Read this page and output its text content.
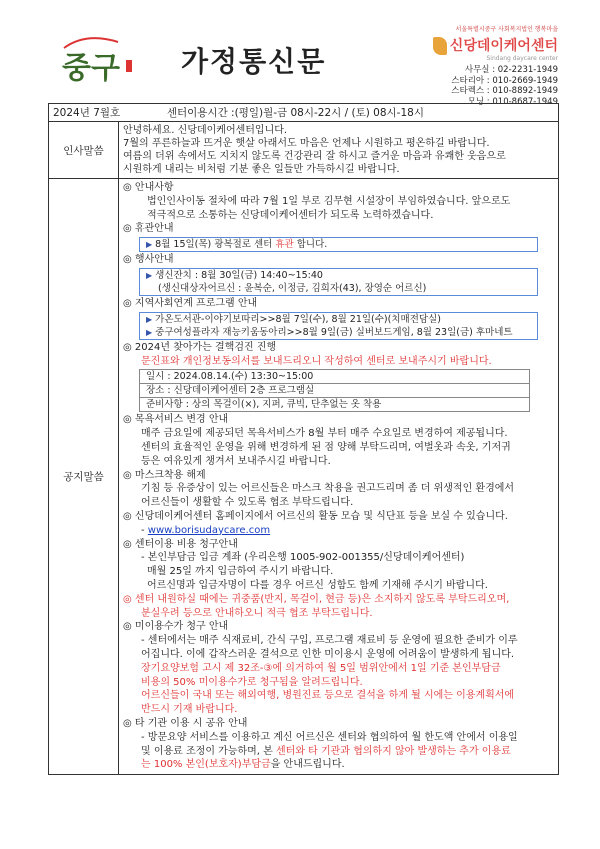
중구 가정통신문
서울특별시중구 사회복지법인 행복마을
신당데이케어센터
Sindang daycare center
사무실 : 02-2231-1949
스타리아 : 010-2669-1949
스타렉스 : 010-8892-1949
모닝 : 010-8687-1949
2024년 7월호	센터이용시간 :(평일)월-금 08시-22시 / (토) 08시-18시
인사말씀	
안녕하세요. 신당데이케어센터입니다.
7월의 푸른하늘과 뜨거운 햇살 아래서도 마음은 언제나 시원하고 평온하길 바랍니다.
여름의 더위 속에서도 지치지 않도록 건강관리 잘 하시고 즐거운 마음과 유쾌한 웃음으로
시원하게 내리는 비처럼 기분 좋은 일들만 가득하시길 바랍니다.

공지말씀	
◎ 안내사항
법인인사이동 절차에 따라 7월 1일 부로 김무현 시설장이 부임하였습니다. 앞으로도
적극적으로 소통하는 신당데이케어센터가 되도록 노력하겠습니다.
◎ 휴관안내
▶ 8월 15일(목) 광복절로 센터 휴관 합니다.
◎ 행사안내
▶ 생신잔치 : 8월 30일(금) 14:40~15:40
(생신대상자어르신 : 윤복순, 이정금, 김희자(43), 장영순 어르신)
◎ 지역사회연계 프로그램 안내
▶ 가온도서관-이야기보따리>>8월 7일(수), 8월 21일(수)(치매전담실)
▶ 중구여성플라자 재능키움동아리>>8월 9일(금) 실버보드게임, 8월 23일(금) 후마네트
◎ 2024년 찾아가는 결핵검진 진행
문진표와 개인정보동의서를 보내드리오니 작성하여 센터로 보내주시기 바랍니다.
일시 : 2024.08.14.(수) 13:30~15:00
장소 : 신당데이케어센터 2층 프로그램실
준비사항 : 상의 목걸이(×), 지퍼, 큐빅, 단추없는 옷 착용
◎ 목욕서비스 변경 안내
매주 금요일에 제공되던 목욕서비스가 8월 부터 매주 수요일로 변경하여 제공됩니다.
센터의 효율적인 운영을 위해 변경하게 된 점 양해 부탁드리며, 여벌옷과 속옷, 기저귀
등은 여유있게 챙겨서 보내주시길 바랍니다.
◎ 마스크착용 해제
기침 등 유증상이 있는 어르신들은 마스크 착용을 권고드리며 좀 더 위생적인 환경에서
어르신들이 생활할 수 있도록 협조 부탁드립니다.
◎ 신당데이케어센터 홈페이지에서 어르신의 활동 모습 및 식단표 등을 보실 수 있습니다.
- www.borisudaycare.com
◎ 센터이용 비용 청구안내
- 본인부담금 입금 계좌 (우리은행 1005-902-001355/신당데이케어센터)
매월 25일 까지 입금하여 주시기 바랍니다.
어르신명과 입금자명이 다를 경우 어르신 성함도 함께 기재해 주시기 바랍니다.
◎ 센터 내원하실 때에는 귀중품(반지, 목걸이, 현금 등)은 소지하지 않도록 부탁드리오며,
분실우려 등으로 안내하오니 적극 협조 부탁드립니다.
◎ 미이용수가 청구 안내
- 센터에서는 매주 식재료비, 간식 구입, 프로그램 재료비 등 운영에 필요한 준비가 이루
어집니다. 이에 갑작스러운 결석으로 인한 미이용시 운영에 어려움이 발생하게 됩니다.
장기요양보험 고시 제 32조-③에 의거하여 월 5일 범위안에서 1일 기준 본인부담금
비용의 50% 미이용수가로 청구됨을 알려드립니다.
어르신들이 국내 또는 해외여행, 병원진료 등으로 결석을 하게 될 시에는 이용계획서에
반드시 기재 바랍니다.
◎ 타 기관 이용 시 공유 안내
- 방문요양 서비스를 이용하고 계신 어르신은 센터와 협의하여 월 한도액 안에서 이용일
및 이용료 조정이 가능하며, 본 센터와 타 기관과 협의하지 않아 발생하는 추가 이용료
는 100% 본인(보호자)부담금을 안내드립니다.
